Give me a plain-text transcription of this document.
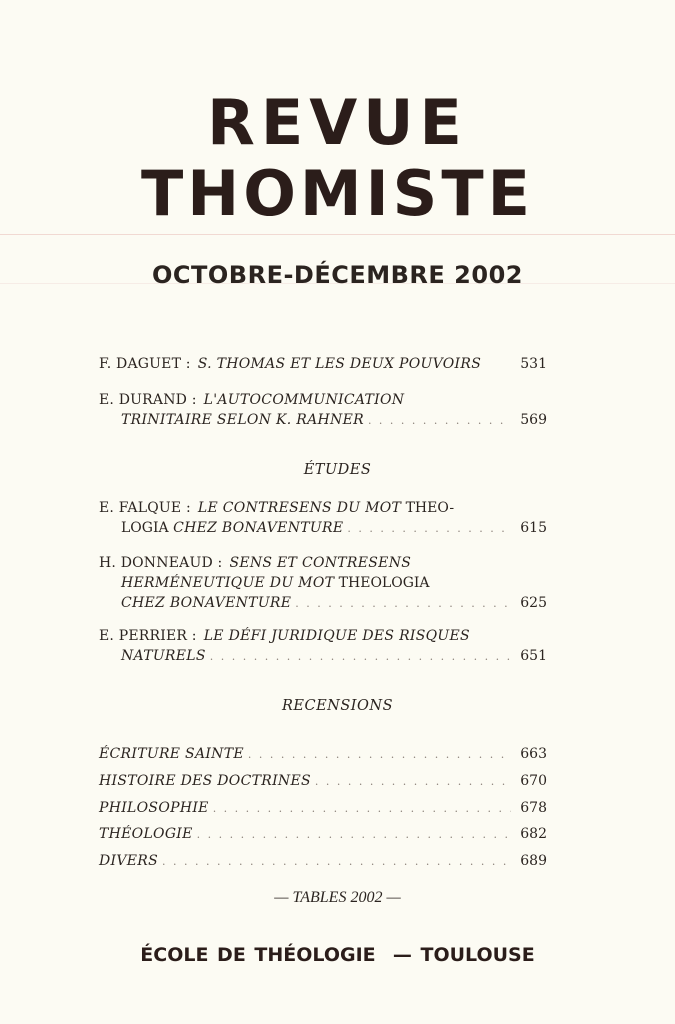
REVUE
THOMISTE
OCTOBRE-DÉCEMBRE 2002
F. DAGUET : S. THOMAS ET LES DEUX POUVOIRS	531
E. DURAND : L'AUTOCOMMUNICATION
TRINITAIRE SELON K. RAHNER . . .	569
E. FALQUE : LE CONTRESENS DU MOT THEO-
LOGIA CHEZ BONAVENTURE . . .	615
H. DONNEAUD : SENS ET CONTRESENS
HERMÉNEUTIQUE DU MOT THEOLOGIA
CHEZ BONAVENTURE . . .	625
E. PERRIER : LE DÉFI JURIDIQUE DES RISQUES
NATURELS . . .	651
ÉCRITURE SAINTE . . .	663
HISTOIRE DES DOCTRINES . . .	670
PHILOSOPHIE . . .	678
THÉOLOGIE . . .	682
DIVERS . . .	689
ÉTUDES
RECENSIONS
— TABLES 2002 —
ÉCOLE DE THÉOLOGIE  — TOULOUSE
